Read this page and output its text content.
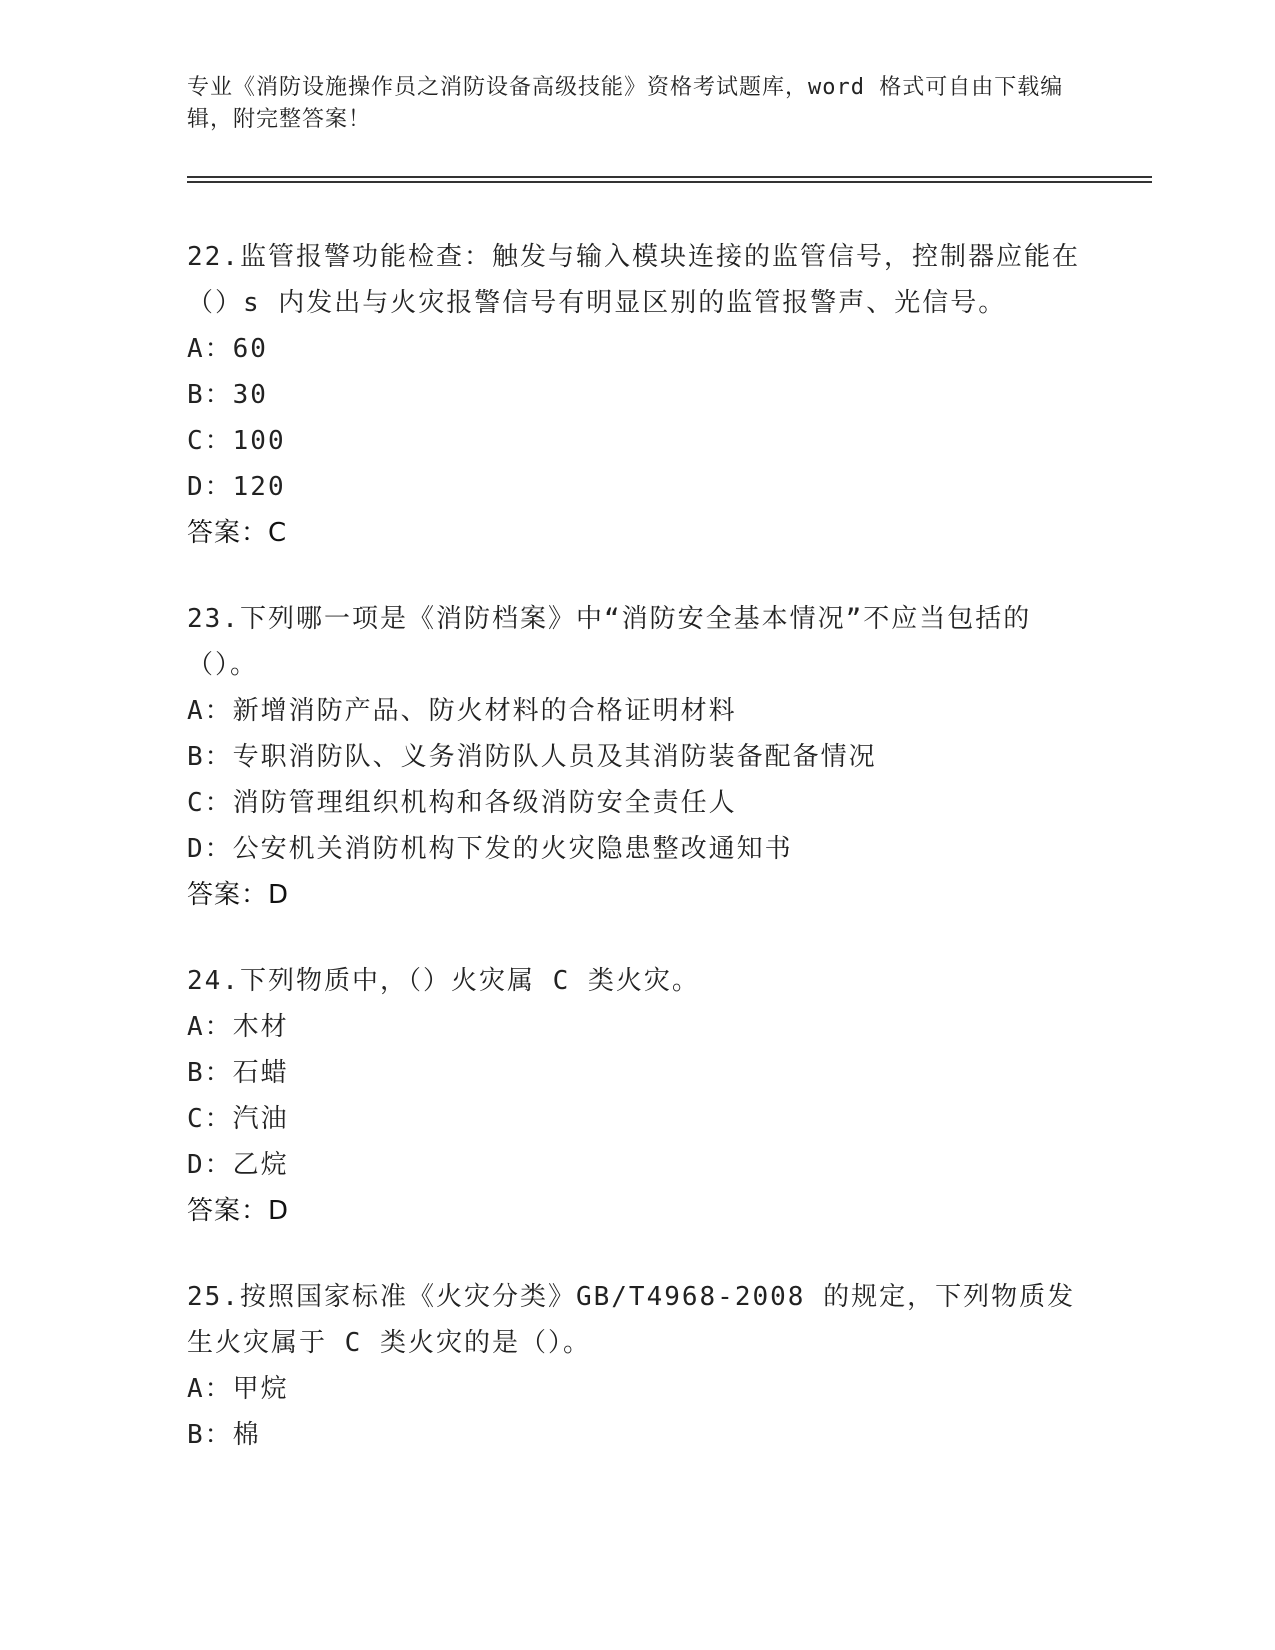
专业《消防设施操作员之消防设备高级技能》资格考试题库，word 格式可自由下载编辑，附完整答案！
22.监管报警功能检查：触发与输入模块连接的监管信号，控制器应能在（）s 内发出与火灾报警信号有明显区别的监管报警声、光信号。
A：60
B：30
C：100
D：120
答案：C
23.下列哪一项是《消防档案》中“消防安全基本情况”不应当包括的（）。
A：新增消防产品、防火材料的合格证明材料
B：专职消防队、义务消防队人员及其消防装备配备情况
C：消防管理组织机构和各级消防安全责任人
D：公安机关消防机构下发的火灾隐患整改通知书
答案：D
24.下列物质中，（）火灾属 C 类火灾。
A：木材
B：石蜡
C：汽油
D：乙烷
答案：D
25.按照国家标准《火灾分类》GB/T4968-2008 的规定，下列物质发生火灾属于 C 类火灾的是（）。
A：甲烷
B：棉
